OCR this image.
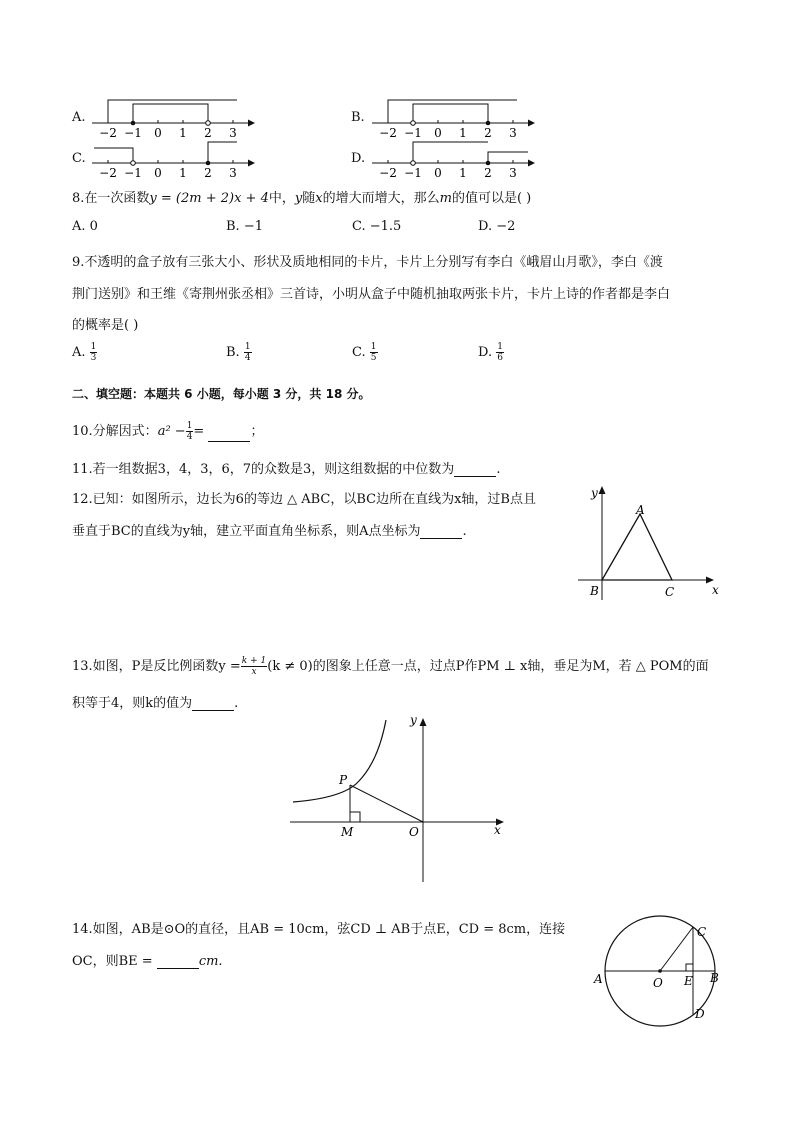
A.	B.
C.	D.
−2 −1 0 1 2 3	−2 −1 0 1 2 3
−2 −1 0 1 2 3	−2 −1 0 1 2 3
8.在一次函数y = (2m + 2)x + 4中，y随x的增大而增大，那么m的值可以是( )
A. 0	B. −1	C. −1.5	D. −2
9.不透明的盒子放有三张大小、形状及质地相同的卡片，卡片上分别写有李白《峨眉山月歌》，李白《渡
荆门送别》和王维《寄荆州张丞相》三首诗，小明从盒子中随机抽取两张卡片，卡片上诗的作者都是李白
的概率是( )
A. $\frac{1}{3}$	B. $\frac{1}{4}$	C. $\frac{1}{5}$	D. $\frac{1}{6}$
二、填空题：本题共 6 小题，每小题 3 分，共 18 分。
10.分解因式：$a^2 - \frac{1}{4}$ =	；
11.若一组数据3，4，3，6，7的众数是3，则这组数据的中位数为	.
12.已知：如图所示，边长为6的等边 △ ABC，以BC边所在直线为x轴，过B点且
垂直于BC的直线为y轴，建立平面直角坐标系，则A点坐标为	.
y
x
A
B	C
13.如图，P是反比例函数$y = \frac{k + 1}{x} (k \ne 0)$的图象上任意一点，过点P作PM ⊥ x轴，垂足为M，若 △ POM的面
积等于4，则k的值为	.
y
x
P
M	O
14.如图，AB是⊙O的直径，且AB = 10cm，弦CD ⊥ AB于点E，CD = 8cm，连接
OC，则BE =	cm.
A	B
C
D
E
O
